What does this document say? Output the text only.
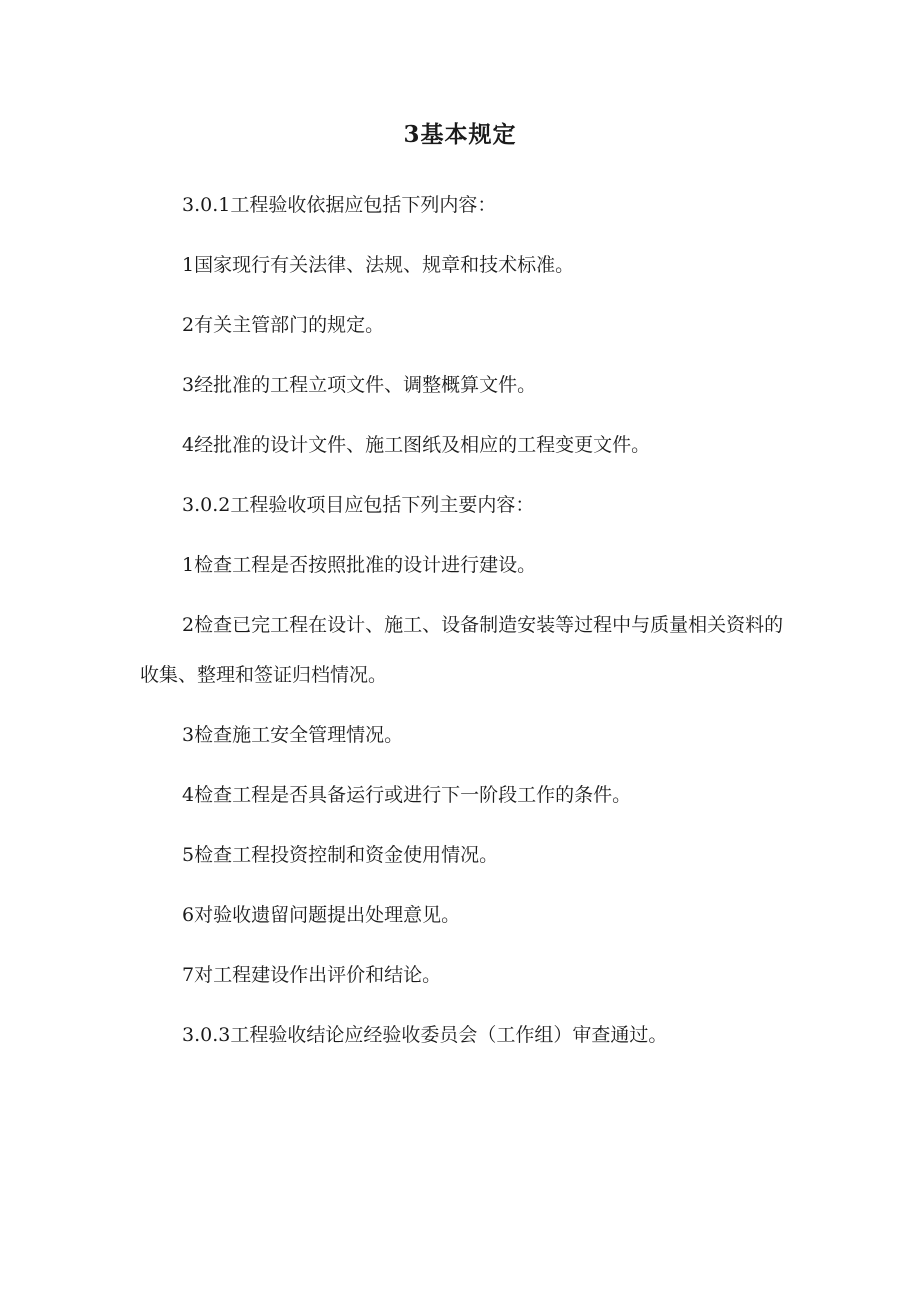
3基本规定

3.0.1工程验收依据应包括下列内容：

1国家现行有关法律、法规、规章和技术标准。

2有关主管部门的规定。

3经批准的工程立项文件、调整概算文件。

4经批准的设计文件、施工图纸及相应的工程变更文件。

3.0.2工程验收项目应包括下列主要内容：

1检查工程是否按照批准的设计进行建设。

2检查已完工程在设计、施工、设备制造安装等过程中与质量相关资料的收集、整理和签证归档情况。

3检查施工安全管理情况。

4检查工程是否具备运行或进行下一阶段工作的条件。

5检查工程投资控制和资金使用情况。

6对验收遗留问题提出处理意见。

7对工程建设作出评价和结论。

3.0.3工程验收结论应经验收委员会（工作组）审查通过。
